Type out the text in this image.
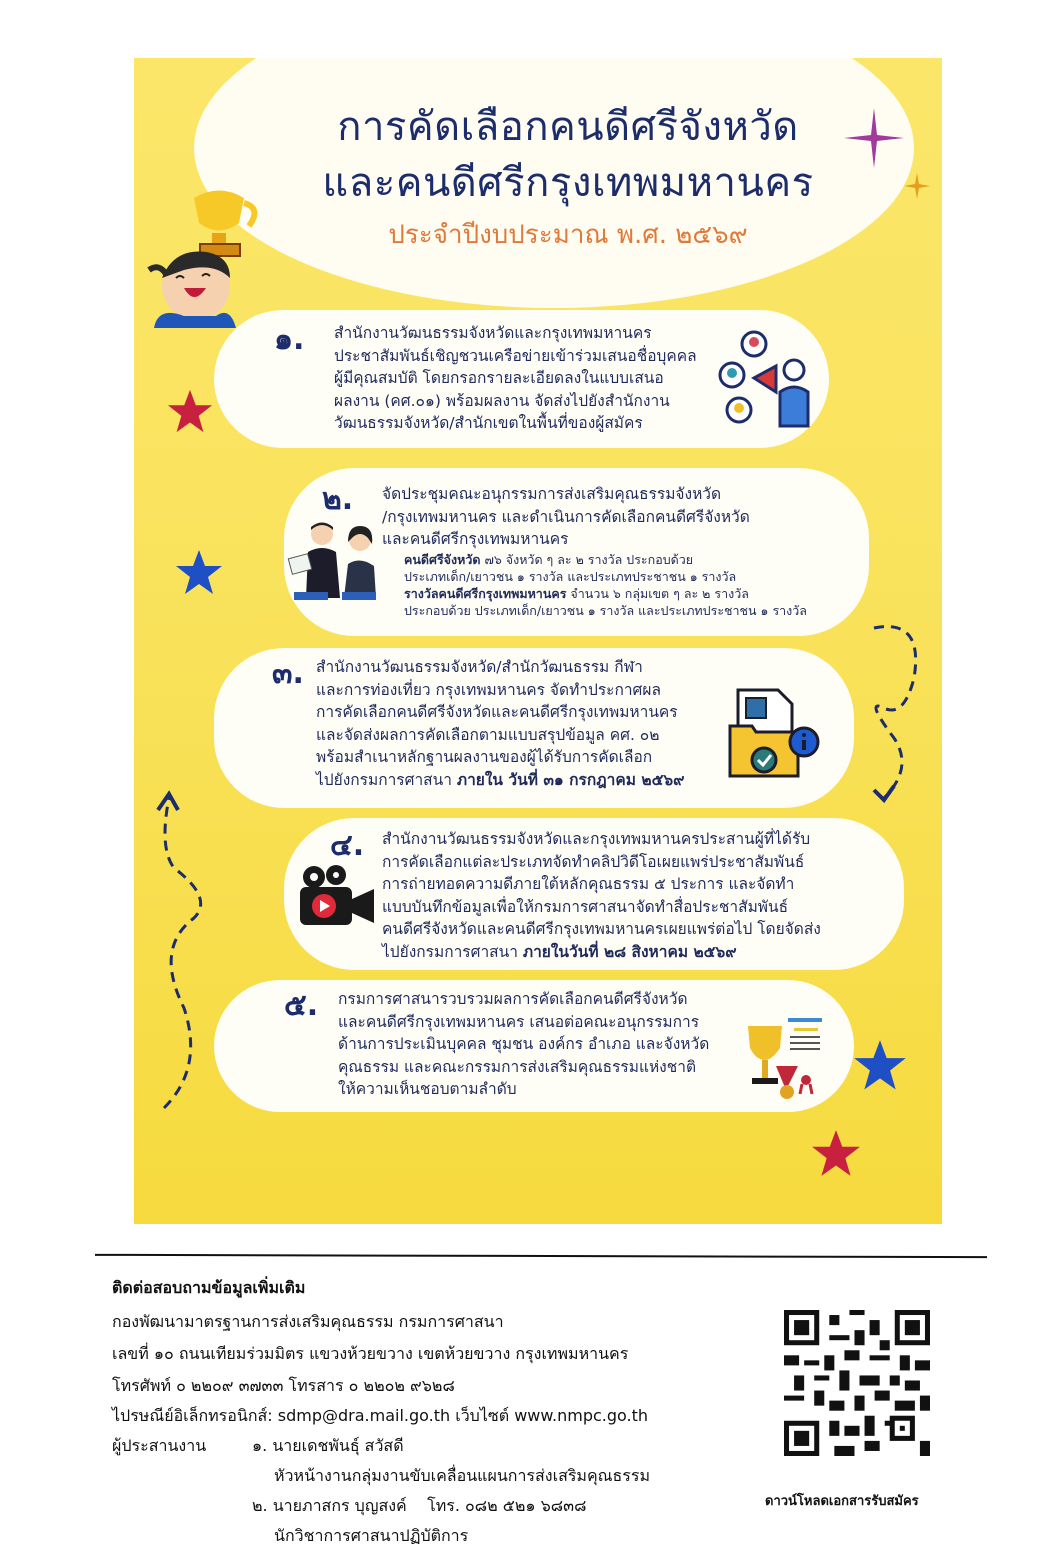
การคัดเลือกคนดีศรีจังหวัด
และคนดีศรีกรุงเทพมหานคร
ประจำปีงบประมาณ พ.ศ. ๒๕๖๙
๑. สำนักงานวัฒนธรรมจังหวัดและกรุงเทพมหานคร
ประชาสัมพันธ์เชิญชวนเครือข่ายเข้าร่วมเสนอชื่อบุคคล
ผู้มีคุณสมบัติ โดยกรอกรายละเอียดลงในแบบเสนอ
ผลงาน (คศ.๐๑) พร้อมผลงาน จัดส่งไปยังสำนักงาน
วัฒนธรรมจังหวัด/สำนักเขตในพื้นที่ของผู้สมัคร
๒. จัดประชุมคณะอนุกรรมการส่งเสริมคุณธรรมจังหวัด
/กรุงเทพมหานคร และดำเนินการคัดเลือกคนดีศรีจังหวัด
และคนดีศรีกรุงเทพมหานคร
คนดีศรีจังหวัด ๗๖ จังหวัด ๆ ละ ๒ รางวัล ประกอบด้วย
ประเภทเด็ก/เยาวชน ๑ รางวัล และประเภทประชาชน ๑ รางวัล
รางวัลคนดีศรีกรุงเทพมหานคร จำนวน ๖ กลุ่มเขต ๆ ละ ๒ รางวัล
ประกอบด้วย ประเภทเด็ก/เยาวชน ๑ รางวัล และประเภทประชาชน ๑ รางวัล
๓. สำนักงานวัฒนธรรมจังหวัด/สำนักวัฒนธรรม กีฬา
และการท่องเที่ยว กรุงเทพมหานคร จัดทำประกาศผล
การคัดเลือกคนดีศรีจังหวัดและคนดีศรีกรุงเทพมหานคร
และจัดส่งผลการคัดเลือกตามแบบสรุปข้อมูล คศ. ๐๒
พร้อมสำเนาหลักฐานผลงานของผู้ได้รับการคัดเลือก
ไปยังกรมการศาสนา ภายใน วันที่ ๓๑ กรกฎาคม ๒๕๖๙
๔. สำนักงานวัฒนธรรมจังหวัดและกรุงเทพมหานครประสานผู้ที่ได้รับ
การคัดเลือกแต่ละประเภทจัดทำคลิปวิดีโอเผยแพร่ประชาสัมพันธ์
การถ่ายทอดความดีภายใต้หลักคุณธรรม ๕ ประการ และจัดทำ
แบบบันทึกข้อมูลเพื่อให้กรมการศาสนาจัดทำสื่อประชาสัมพันธ์
คนดีศรีจังหวัดและคนดีศรีกรุงเทพมหานครเผยแพร่ต่อไป โดยจัดส่ง
ไปยังกรมการศาสนา ภายในวันที่ ๒๘ สิงหาคม ๒๕๖๙
๕. กรมการศาสนารวบรวมผลการคัดเลือกคนดีศรีจังหวัด
และคนดีศรีกรุงเทพมหานคร เสนอต่อคณะอนุกรรมการ
ด้านการประเมินบุคคล ชุมชน องค์กร อำเภอ และจังหวัด
คุณธรรม และคณะกรรมการส่งเสริมคุณธรรมแห่งชาติ
ให้ความเห็นชอบตามลำดับ
ติดต่อสอบถามข้อมูลเพิ่มเติม
กองพัฒนามาตรฐานการส่งเสริมคุณธรรม กรมการศาสนา
เลขที่ ๑๐ ถนนเทียมร่วมมิตร แขวงห้วยขวาง เขตห้วยขวาง กรุงเทพมหานคร
โทรศัพท์ ๐ ๒๒๐๙ ๓๗๓๓ โทรสาร ๐ ๒๒๐๒ ๙๖๒๘
ไปรษณีย์อิเล็กทรอนิกส์: sdmp@dra.mail.go.th เว็บไซต์ www.nmpc.go.th
ผู้ประสานงาน	๑. นายเดชพันธุ์ สวัสดี
หัวหน้างานกลุ่มงานขับเคลื่อนแผนการส่งเสริมคุณธรรม
๒. นายภาสกร บุญสงค์    โทร. ๐๘๒ ๕๒๑ ๖๘๓๘
นักวิชาการศาสนาปฏิบัติการ
ดาวน์โหลดเอกสารรับสมัคร
